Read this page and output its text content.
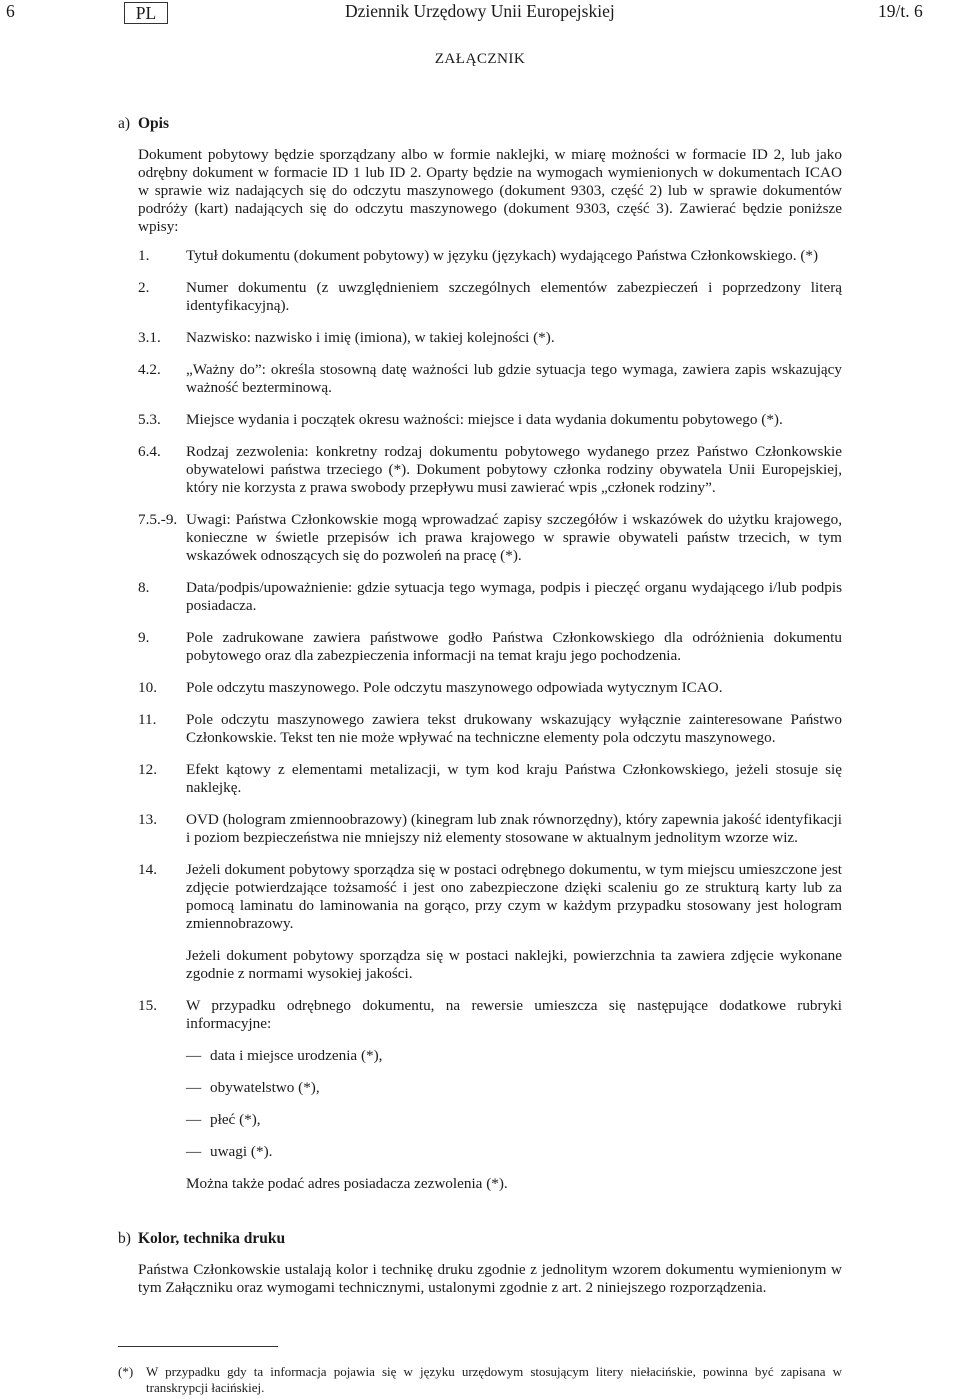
6	PL	Dziennik Urzędowy Unii Europejskiej	19/t. 6
ZAŁĄCZNIK
a) Opis
Dokument pobytowy będzie sporządzany albo w formie naklejki, w miarę możności w formacie ID 2, lub jako odrębny dokument w formacie ID 1 lub ID 2. Oparty będzie na wymogach wymienionych w dokumentach ICAO w sprawie wiz nadających się do odczytu maszynowego (dokument 9303, część 2) lub w sprawie dokumentów podróży (kart) nadających się do odczytu maszynowego (dokument 9303, część 3). Zawierać będzie poniższe wpisy:
1.	Tytuł dokumentu (dokument pobytowy) w języku (językach) wydającego Państwa Członkowskiego. (*)
2.	Numer dokumentu (z uwzględnieniem szczególnych elementów zabezpieczeń i poprzedzony literą identyfikacyjną).
3.1.	Nazwisko: nazwisko i imię (imiona), w takiej kolejności (*).
4.2.	„Ważny do”: określa stosowną datę ważności lub gdzie sytuacja tego wymaga, zawiera zapis wskazujący ważność bezterminową.
5.3.	Miejsce wydania i początek okresu ważności: miejsce i data wydania dokumentu pobytowego (*).
6.4.	Rodzaj zezwolenia: konkretny rodzaj dokumentu pobytowego wydanego przez Państwo Członkowskie obywatelowi państwa trzeciego (*). Dokument pobytowy członka rodziny obywatela Unii Europejskiej, który nie korzysta z prawa swobody przepływu musi zawierać wpis „członek rodziny”.
7.5.-9. Uwagi: Państwa Członkowskie mogą wprowadzać zapisy szczegółów i wskazówek do użytku krajowego, konieczne w świetle przepisów ich prawa krajowego w sprawie obywateli państw trzecich, w tym wskazówek odnoszących się do pozwoleń na pracę (*).
8.	Data/podpis/upoważnienie: gdzie sytuacja tego wymaga, podpis i pieczęć organu wydającego i/lub podpis posiadacza.
9.	Pole zadrukowane zawiera państwowe godło Państwa Członkowskiego dla odróżnienia dokumentu pobytowego oraz dla zabezpieczenia informacji na temat kraju jego pochodzenia.
10.	Pole odczytu maszynowego. Pole odczytu maszynowego odpowiada wytycznym ICAO.
11.	Pole odczytu maszynowego zawiera tekst drukowany wskazujący wyłącznie zainteresowane Państwo Członkowskie. Tekst ten nie może wpływać na techniczne elementy pola odczytu maszynowego.
12.	Efekt kątowy z elementami metalizacji, w tym kod kraju Państwa Członkowskiego, jeżeli stosuje się naklejkę.
13.	OVD (hologram zmiennoobrazowy) (kinegram lub znak równorzędny), który zapewnia jakość identyfikacji i poziom bezpieczeństwa nie mniejszy niż elementy stosowane w aktualnym jednolitym wzorze wiz.
14.	Jeżeli dokument pobytowy sporządza się w postaci odrębnego dokumentu, w tym miejscu umieszczone jest zdjęcie potwierdzające tożsamość i jest ono zabezpieczone dzięki scaleniu go ze strukturą karty lub za pomocą laminatu do laminowania na gorąco, przy czym w każdym przypadku stosowany jest hologram zmiennobrazowy.

Jeżeli dokument pobytowy sporządza się w postaci naklejki, powierzchnia ta zawiera zdjęcie wykonane zgodnie z normami wysokiej jakości.

15.	W przypadku odrębnego dokumentu, na rewersie umieszcza się następujące dodatkowe rubryki informacyjne:
— data i miejsce urodzenia (*),
— obywatelstwo (*),
— płeć (*),
— uwagi (*).
Można także podać adres posiadacza zezwolenia (*).
b) Kolor, technika druku
Państwa Członkowskie ustalają kolor i technikę druku zgodnie z jednolitym wzorem dokumentu wymienionym w tym Załączniku oraz wymogami technicznymi, ustalonymi zgodnie z art. 2 niniejszego rozporządzenia.
(*) W przypadku gdy ta informacja pojawia się w języku urzędowym stosującym litery niełacińskie, powinna być zapisana w transkrypcji łacińskiej.
